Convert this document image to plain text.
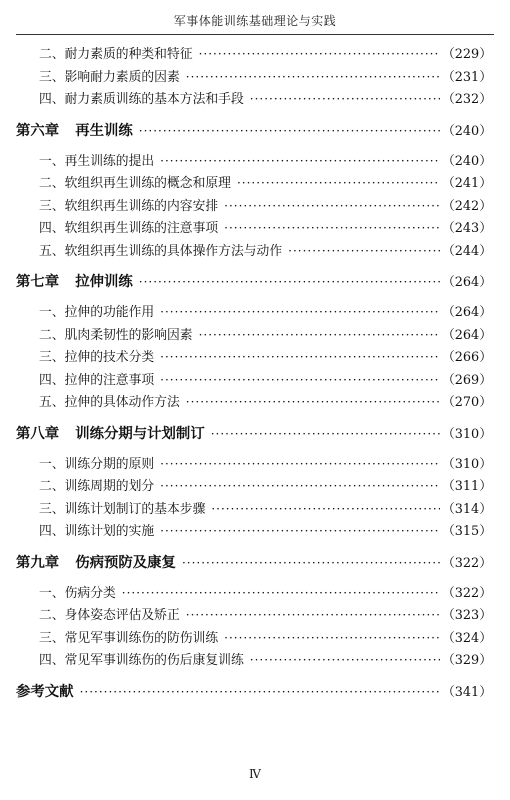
军事体能训练基础理论与实践
二、耐力素质的种类和特征 ·····	（229）
三、影响耐力素质的因素 ·····	（231）
四、耐力素质训练的基本方法和手段 ·····	（232）
第六章 再生训练 ·····	（240）
一、再生训练的提出 ·····	（240）
二、软组织再生训练的概念和原理 ·····	（241）
三、软组织再生训练的内容安排 ·····	（242）
四、软组织再生训练的注意事项 ·····	（243）
五、软组织再生训练的具体操作方法与动作 ·····	（244）
第七章 拉伸训练 ·····	（264）
一、拉伸的功能作用 ·····	（264）
二、肌肉柔韧性的影响因素 ·····	（264）
三、拉伸的技术分类 ·····	（266）
四、拉伸的注意事项 ·····	（269）
五、拉伸的具体动作方法 ·····	（270）
第八章 训练分期与计划制订 ·····	（310）
一、训练分期的原则 ·····	（310）
二、训练周期的划分 ·····	（311）
三、训练计划制订的基本步骤 ·····	（314）
四、训练计划的实施 ·····	（315）
第九章 伤病预防及康复 ·····	（322）
一、伤病分类 ·····	（322）
二、身体姿态评估及矫正 ·····	（323）
三、常见军事训练伤的防伤训练 ·····	（324）
四、常见军事训练伤的伤后康复训练 ·····	（329）
参考文献 ·····	（341）
Ⅳ
